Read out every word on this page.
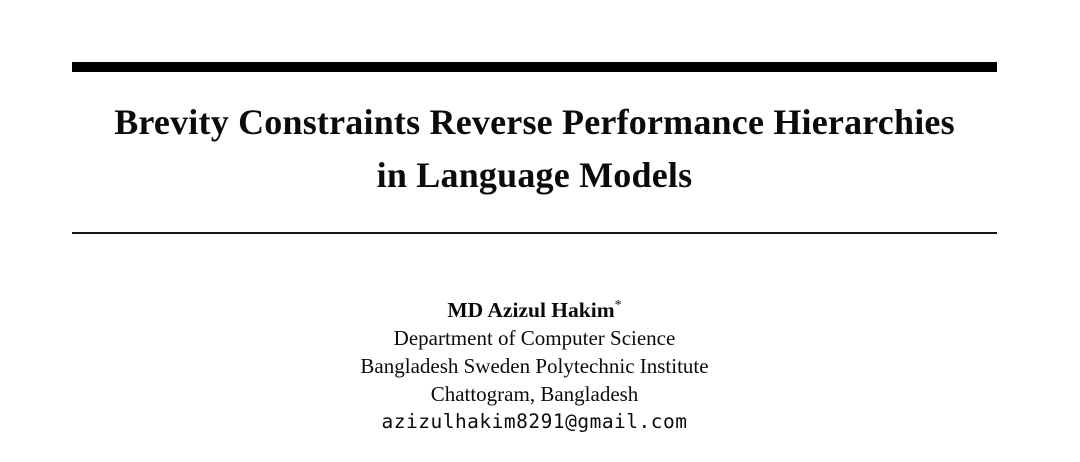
Brevity Constraints Reverse Performance Hierarchies
in Language Models
MD Azizul Hakim*
Department of Computer Science
Bangladesh Sweden Polytechnic Institute
Chattogram, Bangladesh
azizulhakim8291@gmail.com
